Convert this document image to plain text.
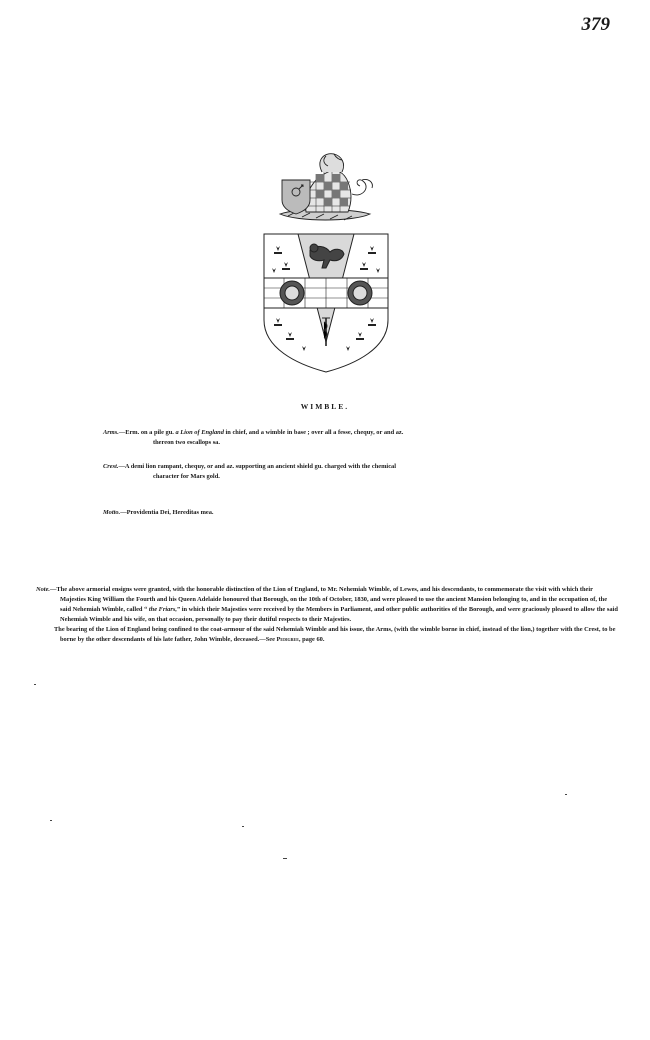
379
WIMBLE.

Arms.—Erm. on a pile gu. a Lion of England in chief, and a wimble in base ; over all a fesse, chequy, or and az.
thereon two escallops sa.

Crest.—A demi lion rampant, chequy, or and az. supporting an ancient shield gu. charged with the chemical
character for Mars gold.

Motto.—Providentia Dei, Hereditas mea.

Note.—The above armorial ensigns were granted, with the honorable distinction of the Lion of England, to Mr. Nehemiah Wimble, of Lewes, and his descendants, to commemorate the visit with which their Majesties King William the Fourth and his Queen Adelaide honoured that Borough, on the 10th of October, 1830, and were pleased to use the ancient Mansion belonging to, and in the occupation of, the said Nehemiah Wimble, called “ the Friars,” in which their Majesties were received by the Members in Parliament, and other public authorities of the Borough, and were graciously pleased to allow the said Nehemiah Wimble and his wife, on that occasion, personally to pay their dutiful respects to their Majesties.

The bearing of the Lion of England being confined to the coat-armour of the said Nehemiah Wimble and his issue, the Arms, (with the wimble borne in chief, instead of the lion,) together with the Crest, to be borne by the other descendants of his late father, John Wimble, deceased.—See Pedigree, page 60.
